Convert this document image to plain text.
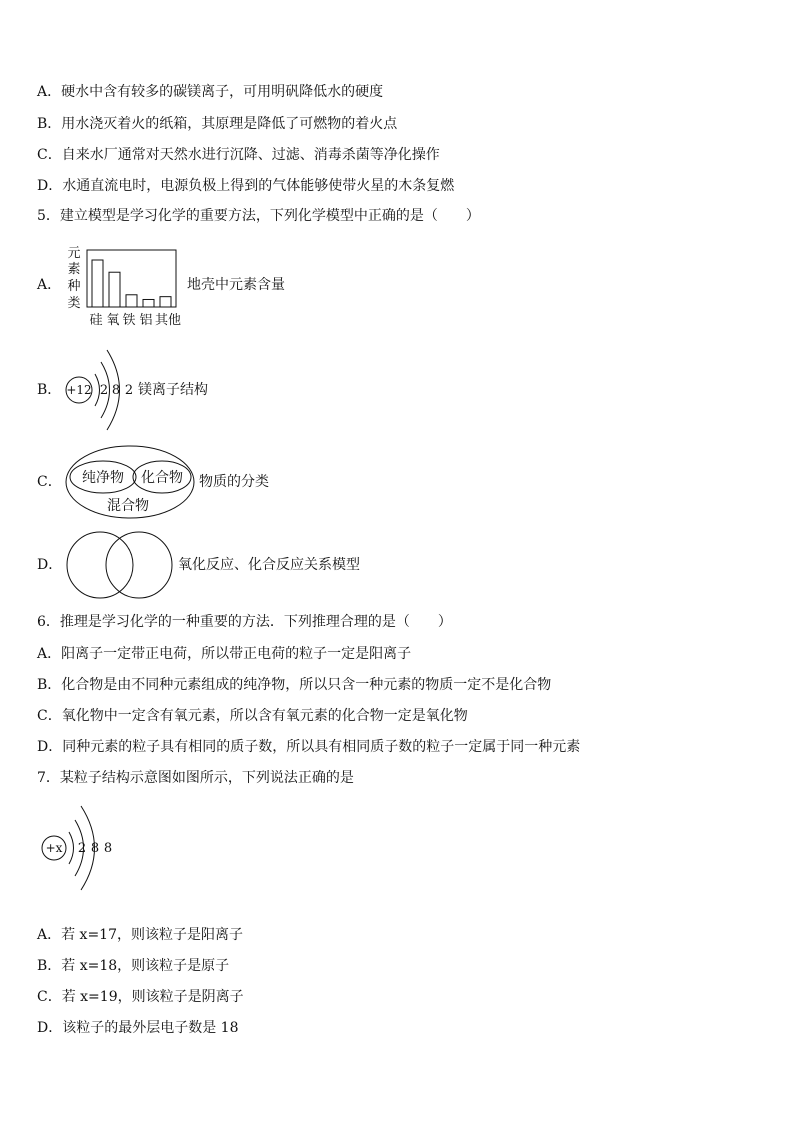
A．硬水中含有较多的碳镁离子，可用明矾降低水的硬度
B．用水浇灭着火的纸箱，其原理是降低了可燃物的着火点
C．自来水厂通常对天然水进行沉降、过滤、消毒杀菌等净化操作
D．水通直流电时，电源负极上得到的气体能够使带火星的木条复燃
5．建立模型是学习化学的重要方法，下列化学模型中正确的是（　　）
A．
元
素
种
类
硅 氧 铁 铝 其他
地壳中元素含量
B． +12 2 8 2 镁离子结构
C． 纯净物 化合物
混合物
物质的分类
D．	氧化反应、化合反应关系模型
6．推理是学习化学的一种重要的方法．下列推理合理的是（　　）
A．阳离子一定带正电荷，所以带正电荷的粒子一定是阳离子
B．化合物是由不同种元素组成的纯净物，所以只含一种元素的物质一定不是化合物
C．氧化物中一定含有氧元素，所以含有氧元素的化合物一定是氧化物
D．同种元素的粒子具有相同的质子数，所以具有相同质子数的粒子一定属于同一种元素
7．某粒子结构示意图如图所示，下列说法正确的是
+x 2 8 8
A．若 x=17，则该粒子是阳离子
B．若 x=18，则该粒子是原子
C．若 x=19，则该粒子是阴离子
D．该粒子的最外层电子数是 18
